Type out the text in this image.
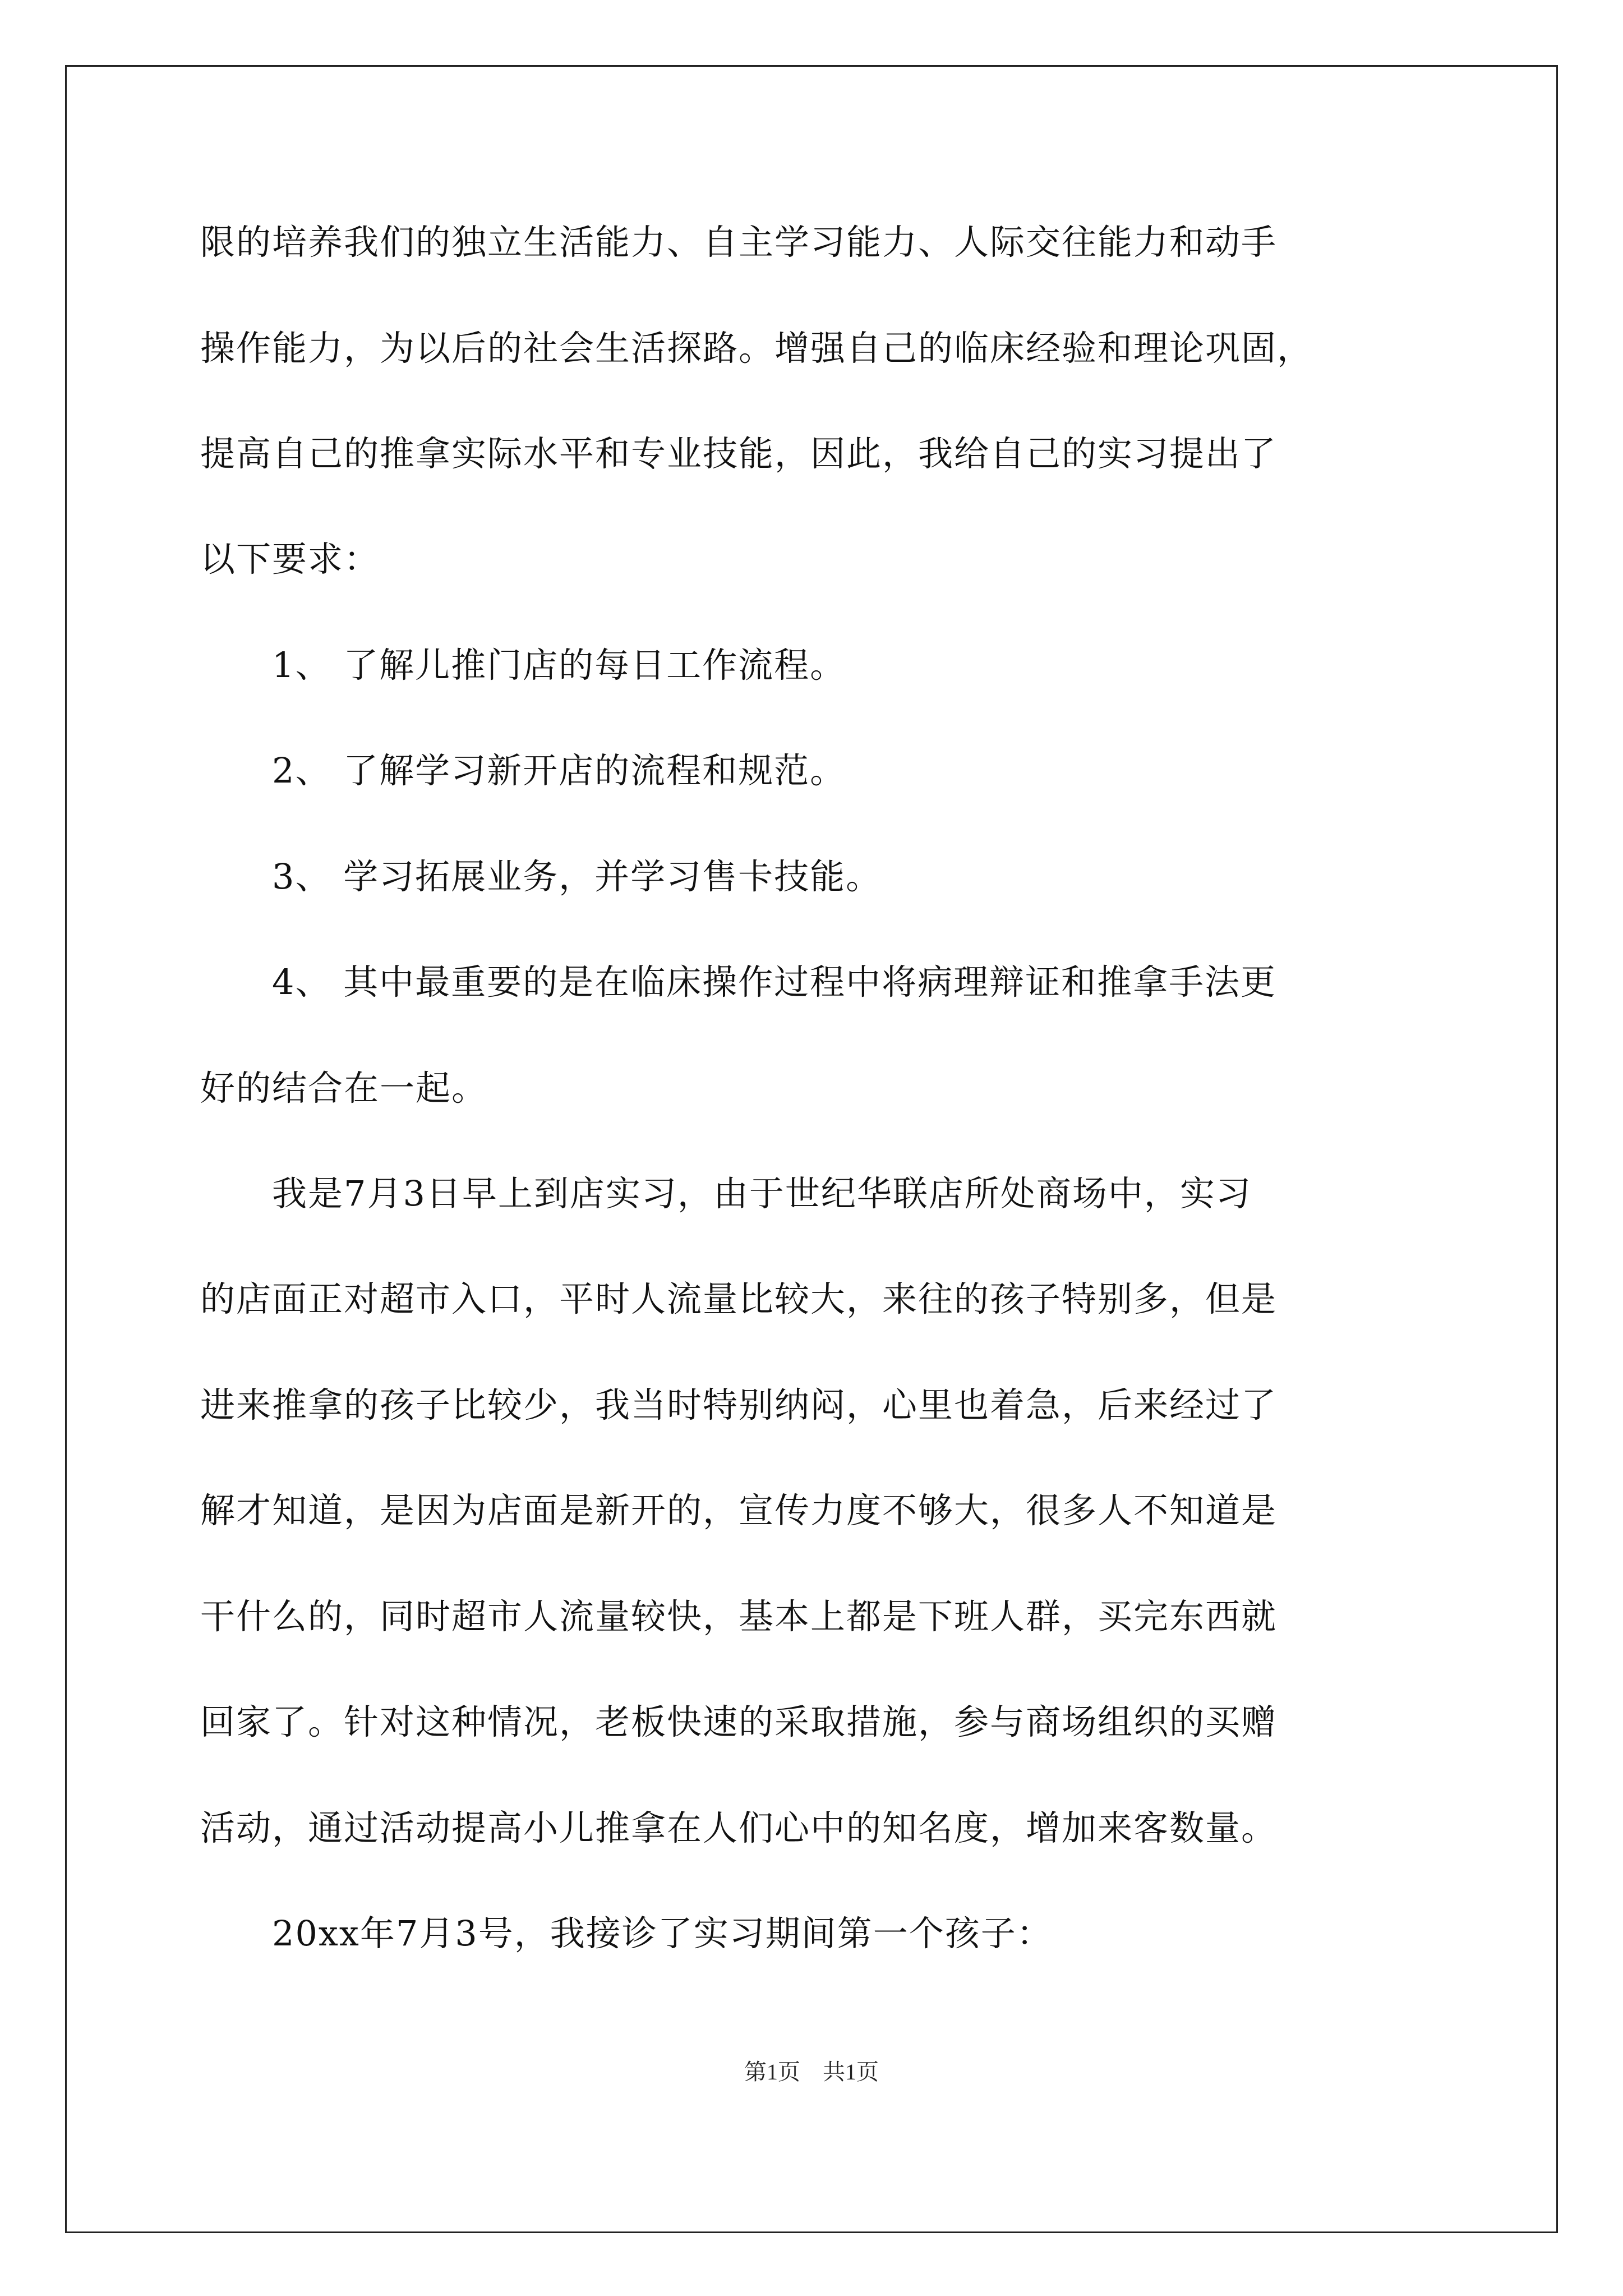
限的培养我们的独立生活能力、自主学习能力、人际交往能力和动手
操作能力，为以后的社会生活探路。增强自己的临床经验和理论巩固，
提高自己的推拿实际水平和专业技能，因此，我给自己的实习提出了
以下要求：
1、 了解儿推门店的每日工作流程。
2、 了解学习新开店的流程和规范。
3、 学习拓展业务，并学习售卡技能。
4、 其中最重要的是在临床操作过程中将病理辩证和推拿手法更
好的结合在一起。
我是7月3日早上到店实习，由于世纪华联店所处商场中，实习
的店面正对超市入口，平时人流量比较大，来往的孩子特别多，但是
进来推拿的孩子比较少，我当时特别纳闷，心里也着急，后来经过了
解才知道，是因为店面是新开的，宣传力度不够大，很多人不知道是
干什么的，同时超市人流量较快，基本上都是下班人群，买完东西就
回家了。针对这种情况，老板快速的采取措施，参与商场组织的买赠
活动，通过活动提高小儿推拿在人们心中的知名度，增加来客数量。
20xx年7月3号，我接诊了实习期间第一个孩子：
第1页　共1页
